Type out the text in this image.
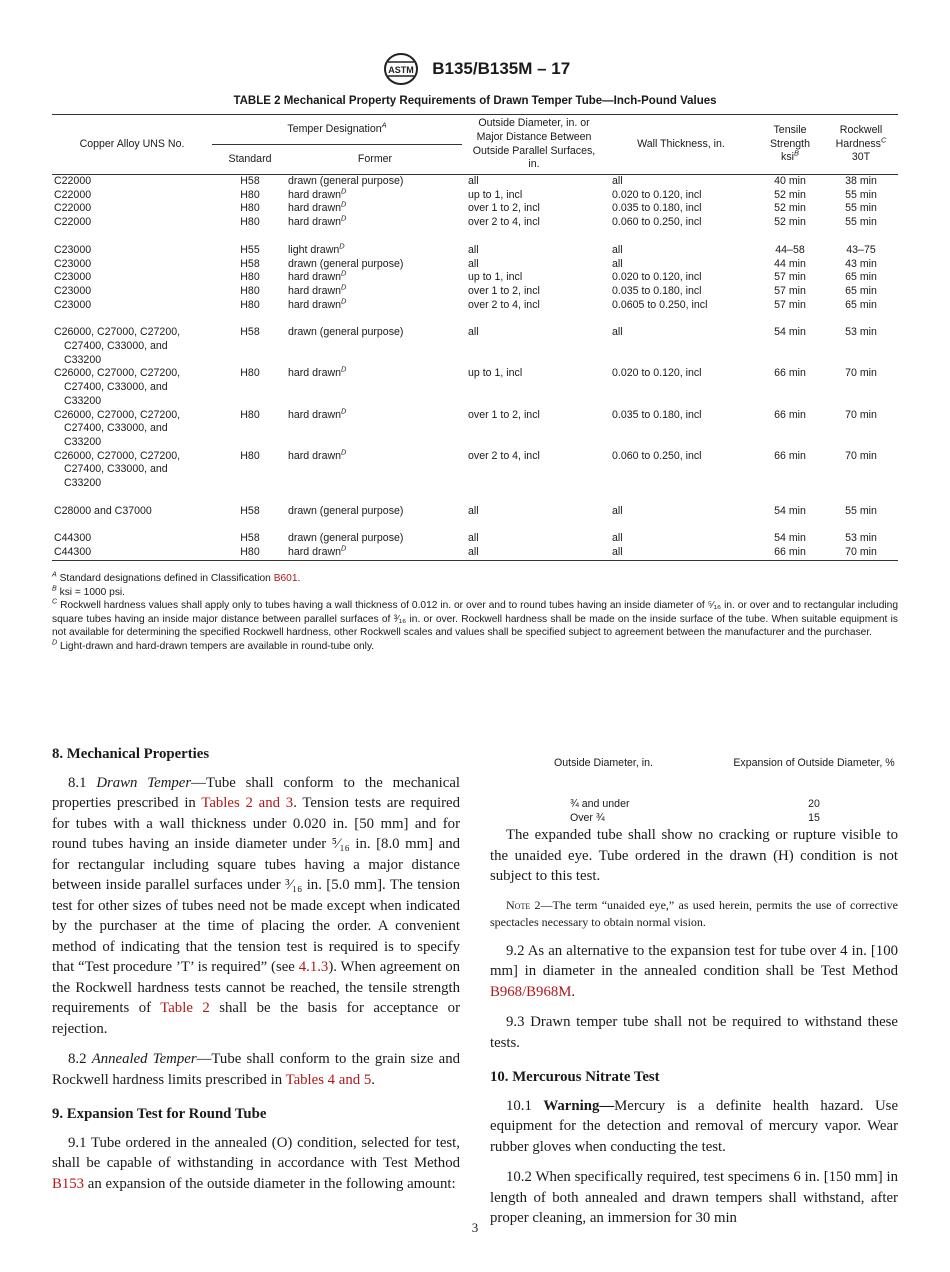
ASTM B135/B135M – 17
TABLE 2 Mechanical Property Requirements of Drawn Temper Tube—Inch-Pound Values
Copper Alloy UNS No.	Temper Designation$^A$		Outside Diameter, in. or Major Distance Between Outside Parallel Surfaces, in.	Wall Thickness, in.	Tensile Strength ksi$^B$	Rockwell Hardness$^C$
30T
	Standard	Former				
C22000	H58	drawn (general purpose)	all	all	40 min	38 min
C22000	H80	hard drawn$^D$	up to 1, incl	0.020 to 0.120, incl	52 min	55 min
C22000	H80	hard drawn$^D$	over 1 to 2, incl	0.035 to 0.180, incl	52 min	55 min
C22000	H80	hard drawn$^D$	over 2 to 4, incl	0.060 to 0.250, incl	52 min	55 min

C23000	H55	light drawn$^D$	all	all	44–58	43–75
C23000	H58	drawn (general purpose)	all	all	44 min	43 min
C23000	H80	hard drawn$^D$	up to 1, incl	0.020 to 0.120, incl	57 min	65 min
C23000	H80	hard drawn$^D$	over 1 to 2, incl	0.035 to 0.180, incl	57 min	65 min
C23000	H80	hard drawn$^D$	over 2 to 4, incl	0.0605 to 0.250, incl	57 min	65 min

C26000, C27000, C27200,
C27400, C33000, and
C33200	H58	drawn (general purpose)	all	all	54 min	53 min
C26000, C27000, C27200,
C27400, C33000, and
C33200	H80	hard drawn$^D$	up to 1, incl	0.020 to 0.120, incl	66 min	70 min
C26000, C27000, C27200,
C27400, C33000, and
C33200	H80	hard drawn$^D$	over 1 to 2, incl	0.035 to 0.180, incl	66 min	70 min
C26000, C27000, C27200,
C27400, C33000, and
C33200	H80	hard drawn$^D$	over 2 to 4, incl	0.060 to 0.250, incl	66 min	70 min

C28000 and C37000	H58	drawn (general purpose)	all	all	54 min	55 min

C44300	H58	drawn (general purpose)	all	all	54 min	53 min
C44300	H80	hard drawn$^D$	all	all	66 min	70 min

$^A$ Standard designations defined in Classification B601.

$^B$ ksi = 1000 psi.

$^C$ Rockwell hardness values shall apply only to tubes having a wall thickness of 0.012 in. or over and to round tubes having an inside diameter of ⁵⁄₁₆ in. or over and to rectangular including square tubes having an inside major distance between parallel surfaces of ³⁄₁₆ in. or over. Rockwell hardness shall be made on the inside surface of the tube. When suitable equipment is not available for determining the specified Rockwell hardness, other Rockwell scales and values shall be specified subject to agreement between the manufacturer and the purchaser.

$^D$ Light-drawn and hard-drawn tempers are available in round-tube only.

8. Mechanical Properties

8.1 Drawn Temper—Tube shall conform to the mechanical properties prescribed in Tables 2 and 3. Tension tests are required for tubes with a wall thickness under 0.020 in. [50 mm] and for round tubes having an inside diameter under ⁵⁄₁₆ in. [8.0 mm] and for rectangular including square tubes having a major distance between inside parallel surfaces under ³⁄₁₆ in. [5.0 mm]. The tension test for other sizes of tubes need not be made except when indicated by the purchaser at the time of placing the order. A convenient method of indicating that the tension test is required is to specify that “Test procedure ’T’ is required” (see 4.1.3). When agreement on the Rockwell hardness tests cannot be reached, the tensile strength requirements of Table 2 shall be the basis for acceptance or rejection.

8.2 Annealed Temper—Tube shall conform to the grain size and Rockwell hardness limits prescribed in Tables 4 and 5.

9. Expansion Test for Round Tube

9.1 Tube ordered in the annealed (O) condition, selected for test, shall be capable of withstanding in accordance with Test Method B153 an expansion of the outside diameter in the following amount:

Outside Diameter, in.	Expansion of Outside Diameter, %
¾ and under	20
Over ¾	15

The expanded tube shall show no cracking or rupture visible to the unaided eye. Tube ordered in the drawn (H) condition is not subject to this test.

Note 2—The term “unaided eye,” as used herein, permits the use of corrective spectacles necessary to obtain normal vision.

9.2 As an alternative to the expansion test for tube over 4 in. [100 mm] in diameter in the annealed condition shall be Test Method B968/B968M.

9.3 Drawn temper tube shall not be required to withstand these tests.

10. Mercurous Nitrate Test

10.1 Warning—Mercury is a definite health hazard. Use equipment for the detection and removal of mercury vapor. Wear rubber gloves when conducting the test.

10.2 When specifically required, test specimens 6 in. [150 mm] in length of both annealed and drawn tempers shall withstand, after proper cleaning, an immersion for 30 min

3
